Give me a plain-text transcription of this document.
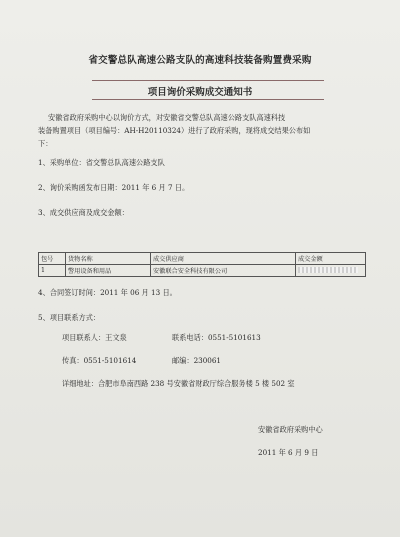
省交警总队高速公路支队的高速科技装备购置费采购
项目询价采购成交通知书
安徽省政府采购中心以询价方式，对安徽省交警总队高速公路支队高速科技

装备购置项目（项目编号：AH-H20110324）进行了政府采购，现将成交结果公布如
下：
1、采购单位：省交警总队高速公路支队
2、询价采购函发布日期：2011 年 6 月 7 日。
3、成交供应商及成交金额：
包号	货物名称	成交供应商	成交金额
1	警用设备和用品	安徽联合安全科技有限公司	
4、合同签订时间：2011 年 06 月 13 日。
5、项目联系方式：
项目联系人：王文泉	联系电话：0551-5101613
传真：0551-5101614	邮编：230061
详细地址：合肥市阜南西路 238 号安徽省财政厅综合服务楼 5 楼 502 室
安徽省政府采购中心
2011 年 6 月 9 日
